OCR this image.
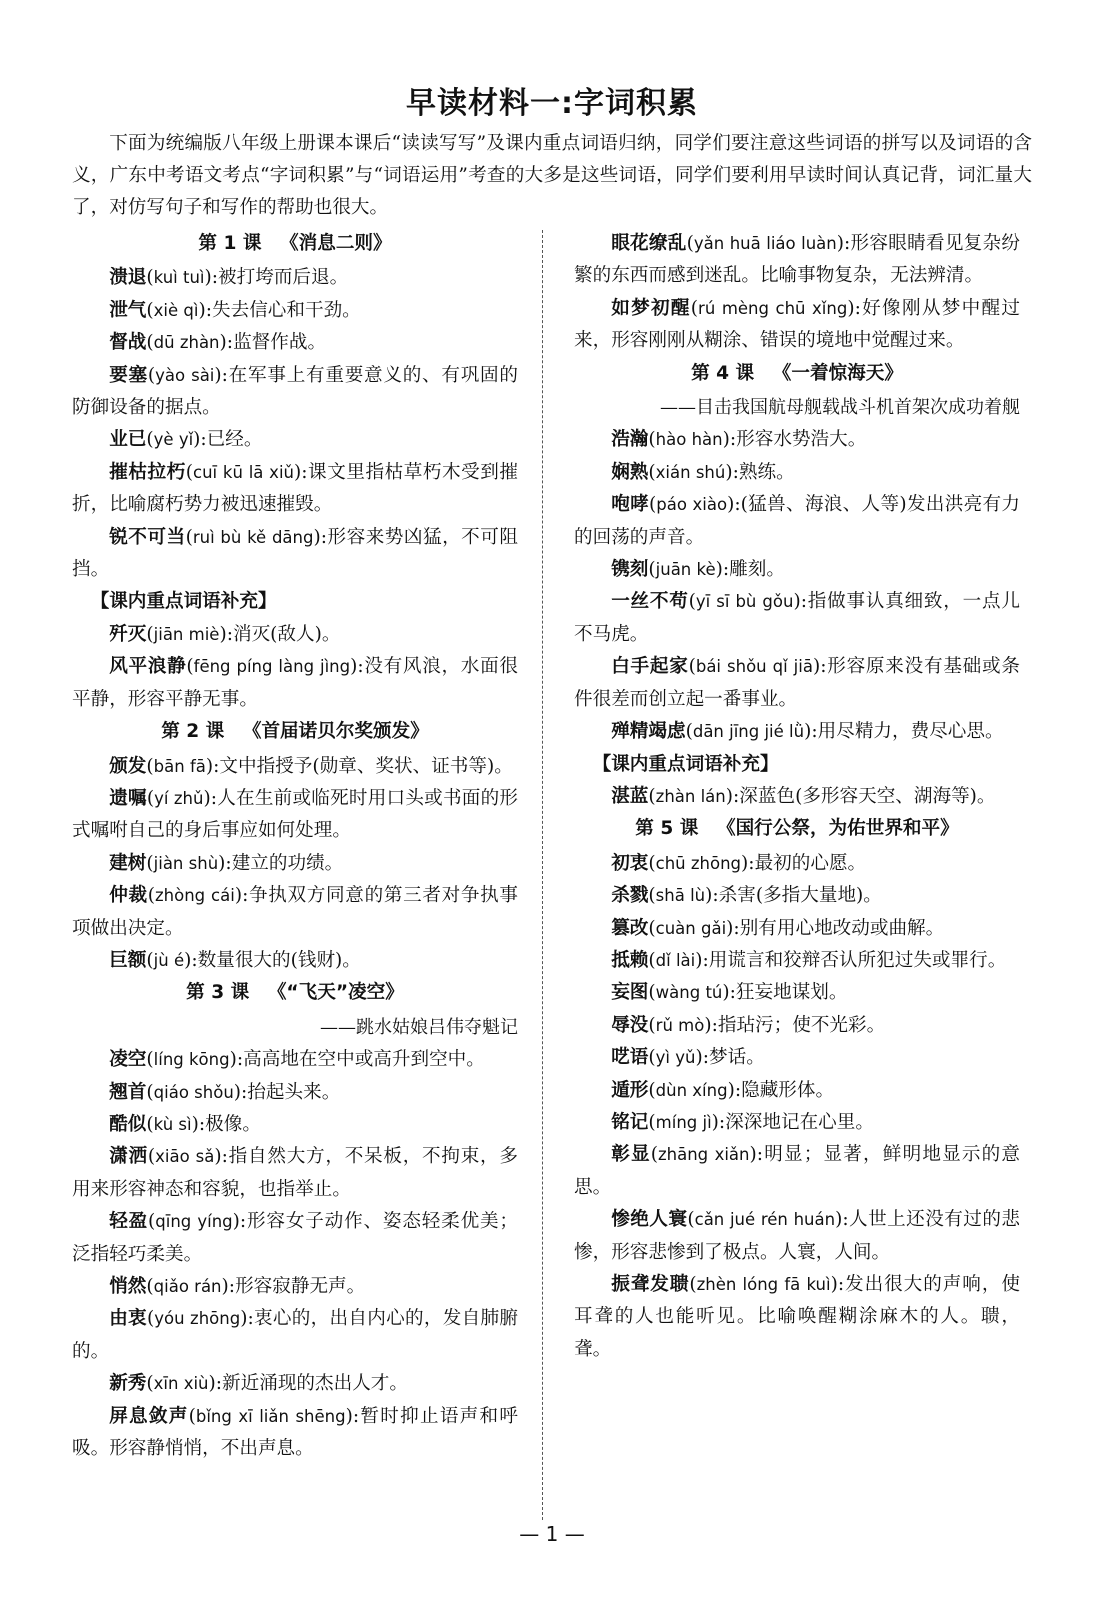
早读材料一:字词积累
下面为统编版八年级上册课本课后“读读写写”及课内重点词语归纳，同学们要注意这些词语的拼写以及词语的含义，广东中考语文考点“字词积累”与“词语运用”考查的大多是这些词语，同学们要利用早读时间认真记背，词汇量大了，对仿写句子和写作的帮助也很大。
第 1 课 《消息二则》

溃退(kuì tuì):被打垮而后退。

泄气(xiè qì):失去信心和干劲。

督战(dū zhàn):监督作战。

要塞(yào sài):在军事上有重要意义的、有巩固的防御设备的据点。

业已(yè yǐ):已经。

摧枯拉朽(cuī kū lā xiǔ):课文里指枯草朽木受到摧折，比喻腐朽势力被迅速摧毁。

锐不可当(ruì bù kě dāng):形容来势凶猛，不可阻挡。

【课内重点词语补充】

歼灭(jiān miè):消灭(敌人)。

风平浪静(fēng píng làng jìng):没有风浪，水面很平静，形容平静无事。

第 2 课 《首届诺贝尔奖颁发》

颁发(bān fā):文中指授予(勋章、奖状、证书等)。

遗嘱(yí zhǔ):人在生前或临死时用口头或书面的形式嘱咐自己的身后事应如何处理。

建树(jiàn shù):建立的功绩。

仲裁(zhòng cái):争执双方同意的第三者对争执事项做出决定。

巨额(jù é):数量很大的(钱财)。

第 3 课 《“飞天”凌空》
——跳水姑娘吕伟夺魁记

凌空(líng kōng):高高地在空中或高升到空中。

翘首(qiáo shǒu):抬起头来。

酷似(kù sì):极像。

潇洒(xiāo sǎ):指自然大方，不呆板，不拘束，多用来形容神态和容貌，也指举止。

轻盈(qīng yíng):形容女子动作、姿态轻柔优美；泛指轻巧柔美。

悄然(qiǎo rán):形容寂静无声。

由衷(yóu zhōng):衷心的，出自内心的，发自肺腑的。

新秀(xīn xiù):新近涌现的杰出人才。

屏息敛声(bǐng xī liǎn shēng):暂时抑止语声和呼吸。形容静悄悄，不出声息。

眼花缭乱(yǎn huā liáo luàn):形容眼睛看见复杂纷繁的东西而感到迷乱。比喻事物复杂，无法辨清。

如梦初醒(rú mèng chū xǐng):好像刚从梦中醒过来，形容刚刚从糊涂、错误的境地中觉醒过来。

第 4 课 《一着惊海天》
——目击我国航母舰载战斗机首架次成功着舰

浩瀚(hào hàn):形容水势浩大。

娴熟(xián shú):熟练。

咆哮(páo xiào):(猛兽、海浪、人等)发出洪亮有力的回荡的声音。

镌刻(juān kè):雕刻。

一丝不苟(yī sī bù gǒu):指做事认真细致，一点儿不马虎。

白手起家(bái shǒu qǐ jiā):形容原来没有基础或条件很差而创立起一番事业。

殚精竭虑(dān jīng jié lǜ):用尽精力，费尽心思。

【课内重点词语补充】

湛蓝(zhàn lán):深蓝色(多形容天空、湖海等)。

第 5 课 《国行公祭，为佑世界和平》

初衷(chū zhōng):最初的心愿。

杀戮(shā lù):杀害(多指大量地)。

篡改(cuàn gǎi):别有用心地改动或曲解。

抵赖(dǐ lài):用谎言和狡辩否认所犯过失或罪行。

妄图(wàng tú):狂妄地谋划。

辱没(rǔ mò):指玷污；使不光彩。

呓语(yì yǔ):梦话。

遁形(dùn xíng):隐藏形体。

铭记(míng jì):深深地记在心里。

彰显(zhāng xiǎn):明显；显著，鲜明地显示的意思。

惨绝人寰(cǎn jué rén huán):人世上还没有过的悲惨，形容悲惨到了极点。人寰，人间。

振聋发聩(zhèn lóng fā kuì):发出很大的声响，使耳聋的人也能听见。比喻唤醒糊涂麻木的人。聩，聋。

— 1 —
